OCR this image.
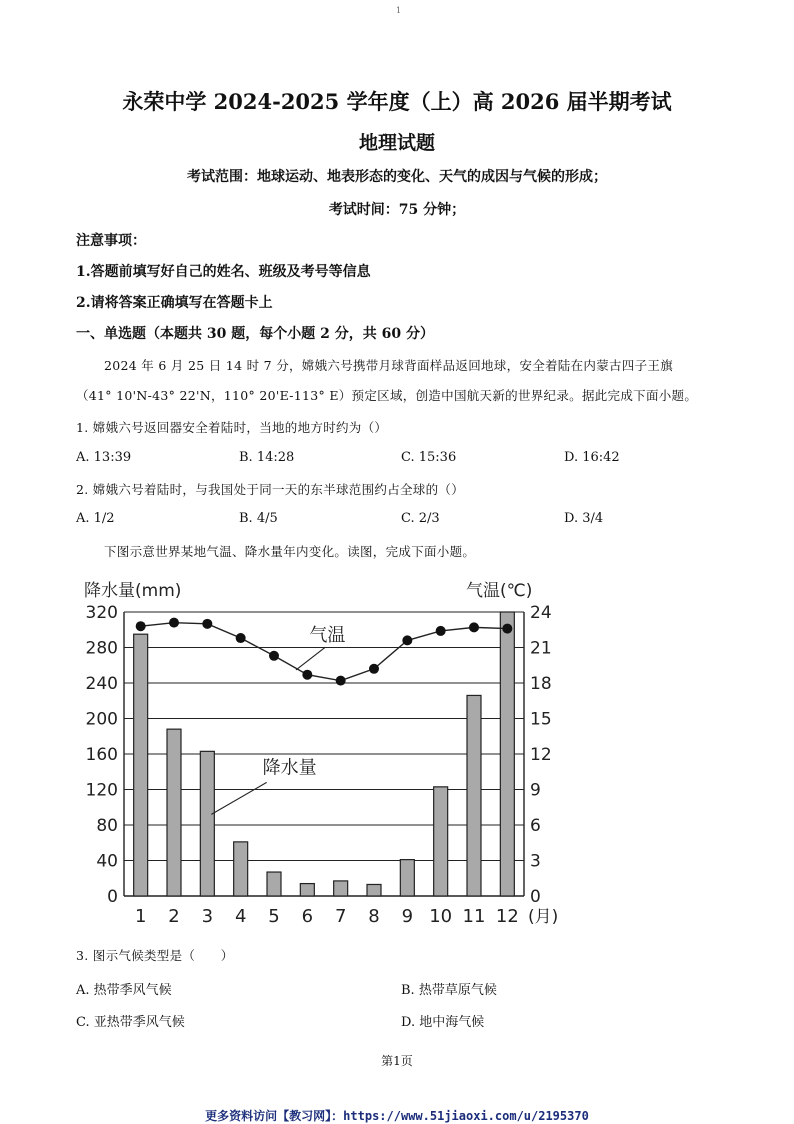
1
永荣中学 2024-2025 学年度（上）高 2026 届半期考试
地理试题
考试范围：地球运动、地表形态的变化、天气的成因与气候的形成；
考试时间：75 分钟；
注意事项：
1.答题前填写好自己的姓名、班级及考号等信息
2.请将答案正确填写在答题卡上
一、单选题（本题共 30 题，每个小题 2 分，共 60 分）
2024 年 6 月 25 日 14 时 7 分，嫦娥六号携带月球背面样品返回地球，安全着陆在内蒙古四子王旗
（41° 10'N-43° 22'N，110° 20'E-113° E）预定区域，创造中国航天新的世界纪录。据此完成下面小题。
1. 嫦娥六号返回器安全着陆时，当地的地方时约为（）
A. 13:39	B. 14:28	C. 15:36	D. 16:42
2. 嫦娥六号着陆时，与我国处于同一天的东半球范围约占全球的（）
A. 1/2	B. 4/5	C. 2/3	D. 3/4
下图示意世界某地气温、降水量年内变化。读图，完成下面小题。
降水量(mm)	气温(℃)
0
40
80
120
160
200
240
280
320
0
3
6
9
12
15
18
21
24
1 2 3 4 5 6 7 8 9 10 11 12 (月)
气温
降水量
3. 图示气候类型是（　　）
A. 热带季风气候	B. 热带草原气候
C. 亚热带季风气候	D. 地中海气候
第1页
更多资料访问【教习网】：https://www.51jiaoxi.com/u/2195370
